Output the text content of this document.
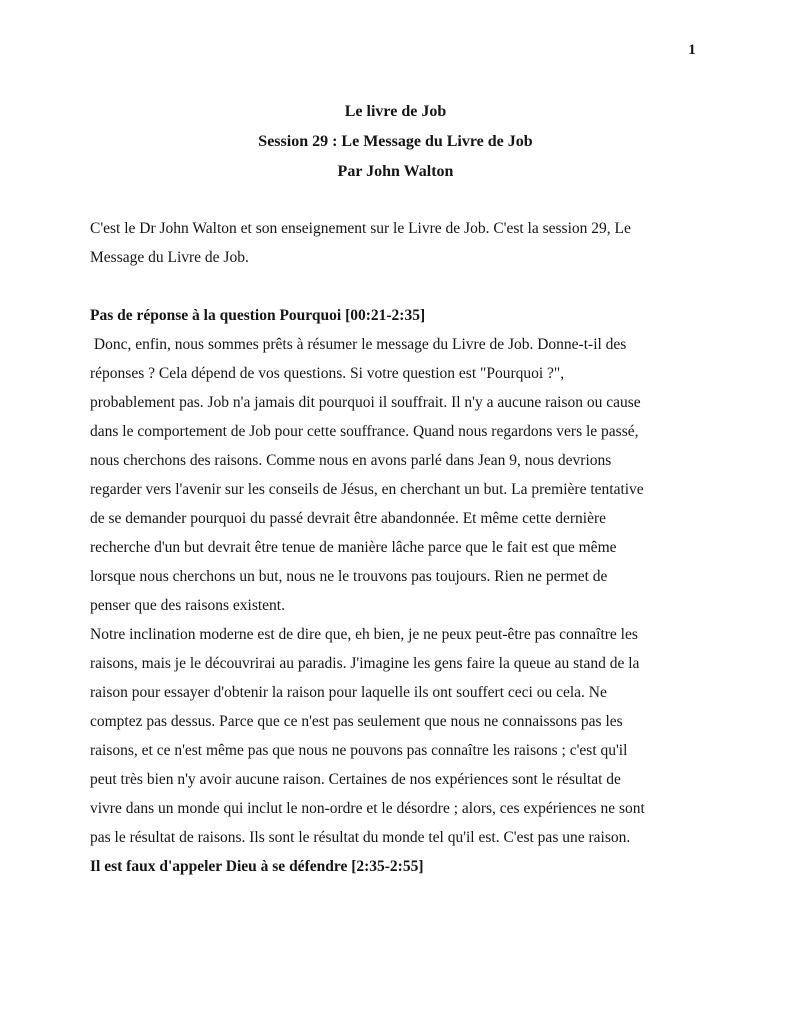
1
Le livre de Job
Session 29 : Le Message du Livre de Job
Par John Walton
C'est le Dr John Walton et son enseignement sur le Livre de Job. C'est la session 29, Le
Message du Livre de Job.
Pas de réponse à la question Pourquoi [00:21-2:35]
Donc, enfin, nous sommes prêts à résumer le message du Livre de Job. Donne-t-il des
réponses ? Cela dépend de vos questions. Si votre question est "Pourquoi ?",
probablement pas. Job n'a jamais dit pourquoi il souffrait. Il n'y a aucune raison ou cause
dans le comportement de Job pour cette souffrance. Quand nous regardons vers le passé,
nous cherchons des raisons. Comme nous en avons parlé dans Jean 9, nous devrions
regarder vers l'avenir sur les conseils de Jésus, en cherchant un but. La première tentative
de se demander pourquoi du passé devrait être abandonnée. Et même cette dernière
recherche d'un but devrait être tenue de manière lâche parce que le fait est que même
lorsque nous cherchons un but, nous ne le trouvons pas toujours. Rien ne permet de
penser que des raisons existent.
Notre inclination moderne est de dire que, eh bien, je ne peux peut-être pas connaître les
raisons, mais je le découvrirai au paradis. J'imagine les gens faire la queue au stand de la
raison pour essayer d'obtenir la raison pour laquelle ils ont souffert ceci ou cela. Ne
comptez pas dessus. Parce que ce n'est pas seulement que nous ne connaissons pas les
raisons, et ce n'est même pas que nous ne pouvons pas connaître les raisons ; c'est qu'il
peut très bien n'y avoir aucune raison. Certaines de nos expériences sont le résultat de
vivre dans un monde qui inclut le non-ordre et le désordre ; alors, ces expériences ne sont
pas le résultat de raisons. Ils sont le résultat du monde tel qu'il est. C'est pas une raison.
Il est faux d'appeler Dieu à se défendre [2:35-2:55]
